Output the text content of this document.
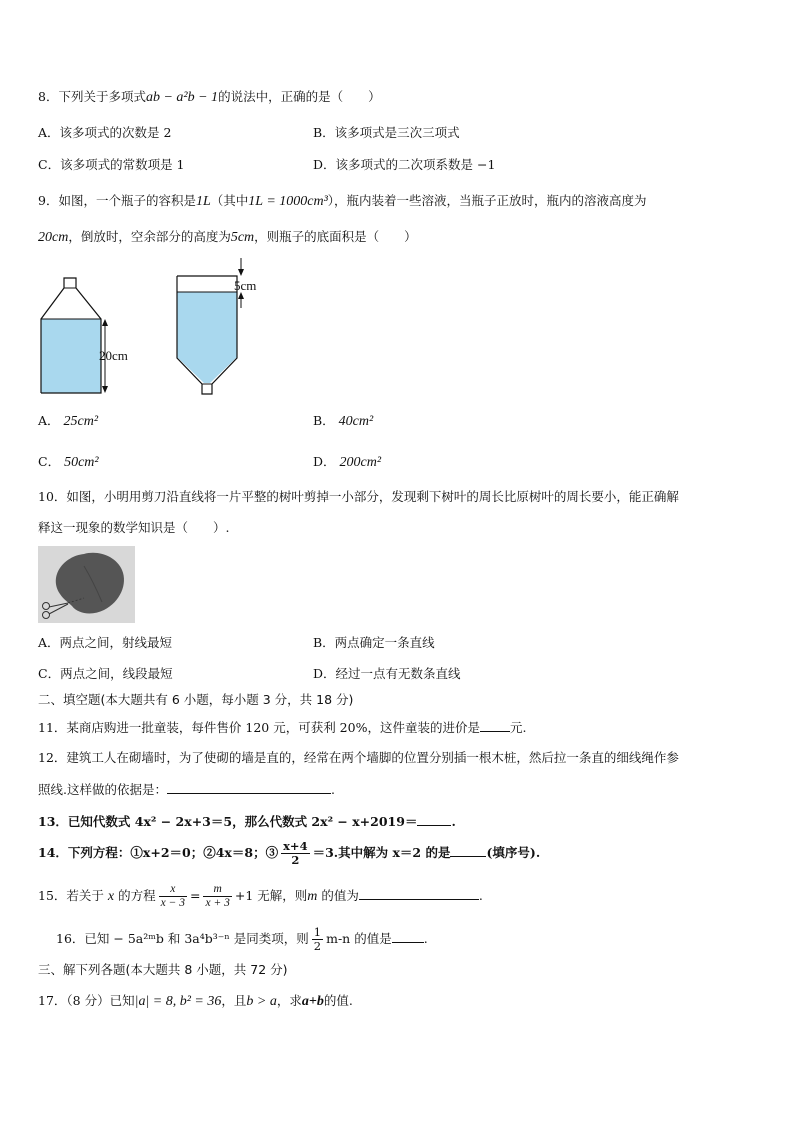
8．下列关于多项式ab − a²b − 1的说法中，正确的是（　　）
A．该多项式的次数是 2	B．该多项式是三次三项式
C．该多项式的常数项是 1	D．该多项式的二次项系数是 −1
9．如图，一个瓶子的容积是1L（其中1L = 1000cm³），瓶内装着一些溶液，当瓶子正放时，瓶内的溶液高度为
20cm，倒放时，空余部分的高度为5cm，则瓶子的底面积是（　　）
20cm
5cm
A． 25cm²	B． 40cm²
C． 50cm²	D． 200cm²
10．如图，小明用剪刀沿直线将一片平整的树叶剪掉一小部分，发现剩下树叶的周长比原树叶的周长要小，能正确解
释这一现象的数学知识是（　　）.
A．两点之间，射线最短	B．两点确定一条直线
C．两点之间，线段最短	D．经过一点有无数条直线
二、填空题(本大题共有 6 小题，每小题 3 分，共 18 分)
11．某商店购进一批童装，每件售价 120 元，可获利 20%，这件童装的进价是 元.
12．建筑工人在砌墙时，为了使砌的墙是直的，经常在两个墙脚的位置分别插一根木桩，然后拉一条直的细线绳作参
照线.这样做的依据是：	.
13．已知代数式 4x² − 2x+3＝5，那么代数式 2x² − x+2019＝	.
14．下列方程：①x+2＝0；②4x＝8；③ $\frac{x+4}{2} =3$.其中解为 x＝2 的是	(填序号).
15．若关于 x 的方程 $\frac{x}{x - 3} = \frac{m}{x + 3} +1$ 无解，则m 的值为	.
16．已知 − 5a²ᵐb 和 3a⁴b³⁻ⁿ 是同类项，则 $\frac{1}{2} m-n$ 的值是	.
三、解下列各题(本大题共 8 小题，共 72 分)
17．（8 分）已知|a| = 8, b² = 36，且b > a，求a+b的值.
